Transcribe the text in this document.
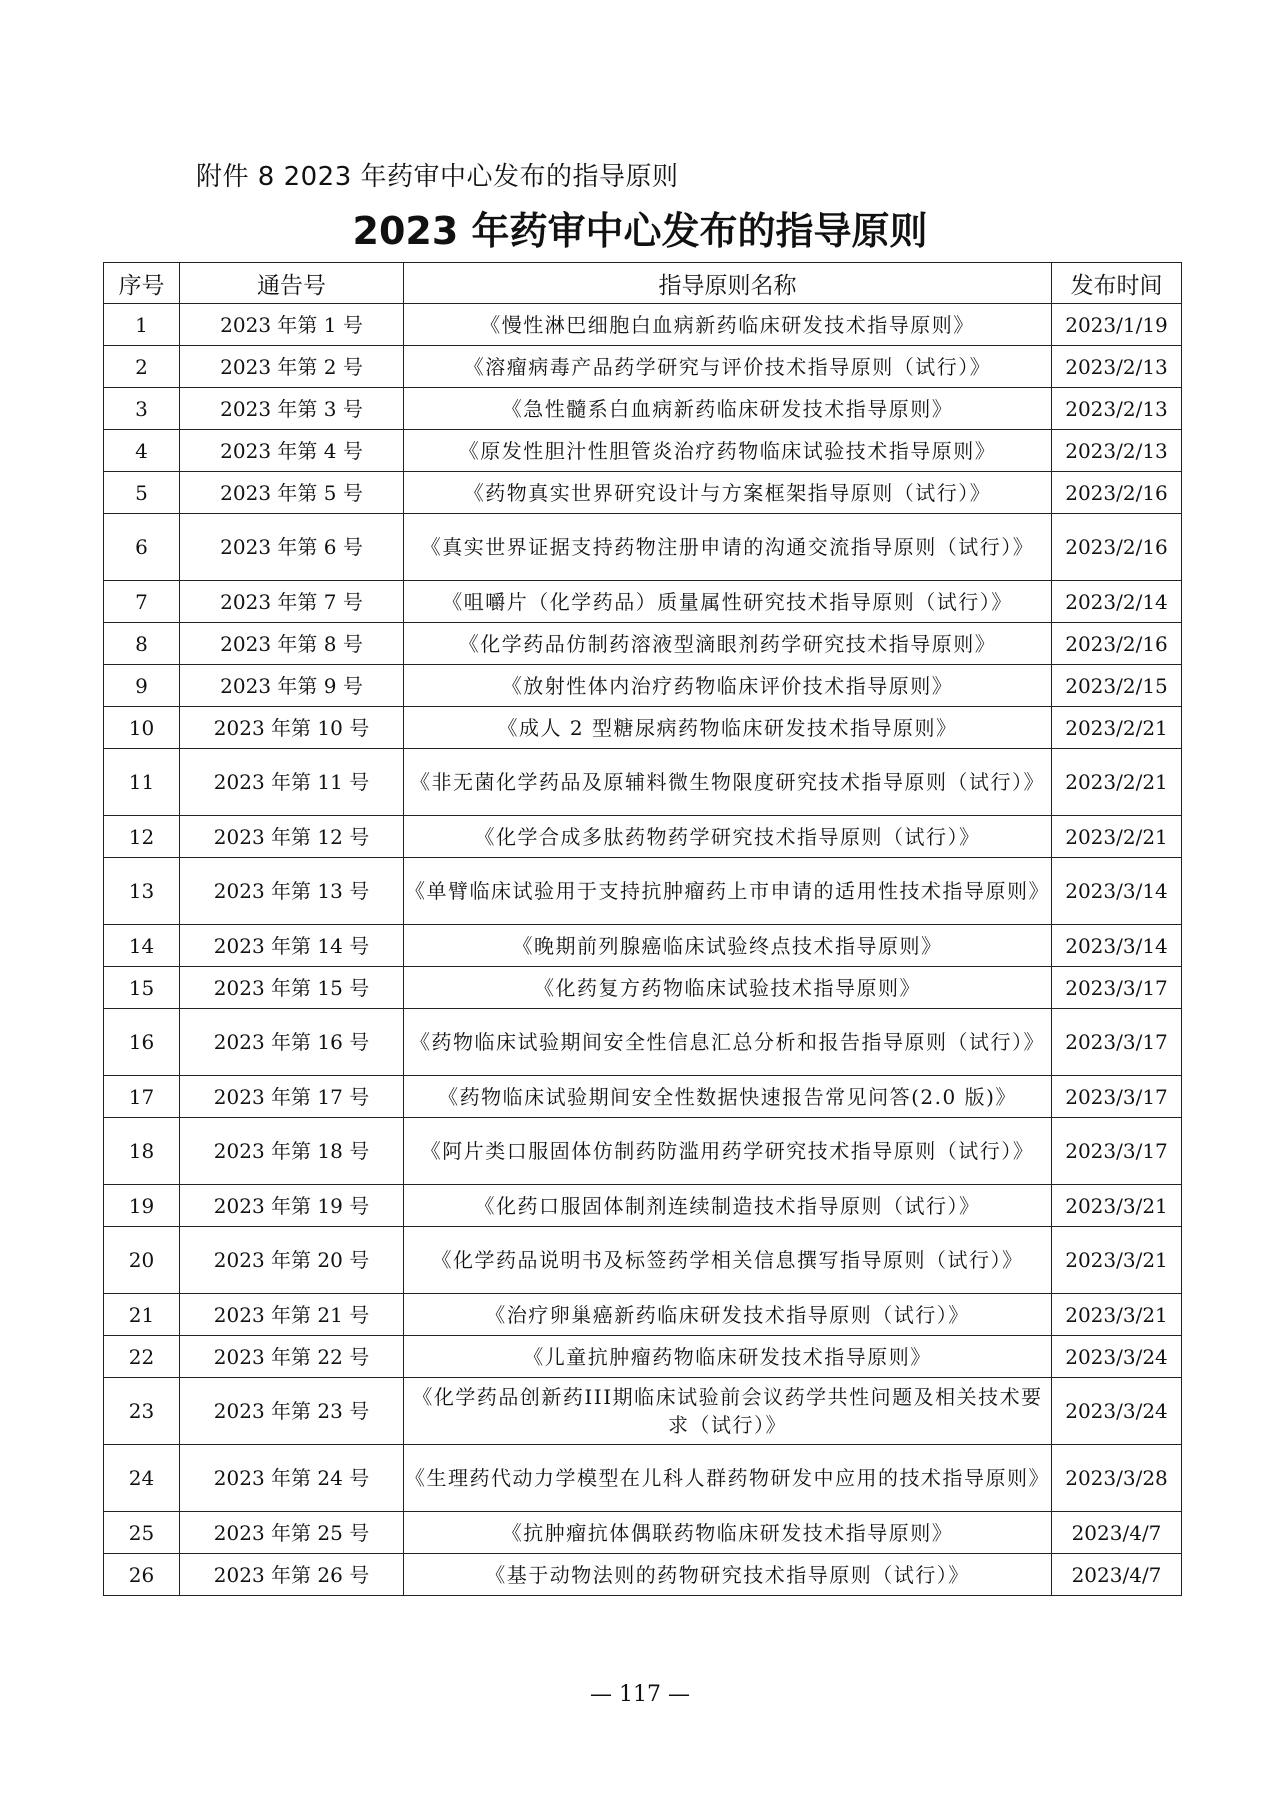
附件 8 2023 年药审中心发布的指导原则
2023 年药审中心发布的指导原则
序号	通告号	指导原则名称	发布时间
1	2023 年第 1 号	《慢性淋巴细胞白血病新药临床研发技术指导原则》	2023/1/19
2	2023 年第 2 号	《溶瘤病毒产品药学研究与评价技术指导原则（试行）》	2023/2/13
3	2023 年第 3 号	《急性髓系白血病新药临床研发技术指导原则》	2023/2/13
4	2023 年第 4 号	《原发性胆汁性胆管炎治疗药物临床试验技术指导原则》	2023/2/13
5	2023 年第 5 号	《药物真实世界研究设计与方案框架指导原则（试行）》	2023/2/16
6	2023 年第 6 号	《真实世界证据支持药物注册申请的沟通交流指导原则（试行）》	2023/2/16
7	2023 年第 7 号	《咀嚼片（化学药品）质量属性研究技术指导原则（试行）》	2023/2/14
8	2023 年第 8 号	《化学药品仿制药溶液型滴眼剂药学研究技术指导原则》	2023/2/16
9	2023 年第 9 号	《放射性体内治疗药物临床评价技术指导原则》	2023/2/15
10	2023 年第 10 号	《成人 2 型糖尿病药物临床研发技术指导原则》	2023/2/21
11	2023 年第 11 号	《非无菌化学药品及原辅料微生物限度研究技术指导原则（试行）》	2023/2/21
12	2023 年第 12 号	《化学合成多肽药物药学研究技术指导原则（试行）》	2023/2/21
13	2023 年第 13 号	《单臂临床试验用于支持抗肿瘤药上市申请的适用性技术指导原则》	2023/3/14
14	2023 年第 14 号	《晚期前列腺癌临床试验终点技术指导原则》	2023/3/14
15	2023 年第 15 号	《化药复方药物临床试验技术指导原则》	2023/3/17
16	2023 年第 16 号	《药物临床试验期间安全性信息汇总分析和报告指导原则（试行）》	2023/3/17
17	2023 年第 17 号	《药物临床试验期间安全性数据快速报告常见问答(2.0 版)》	2023/3/17
18	2023 年第 18 号	《阿片类口服固体仿制药防滥用药学研究技术指导原则（试行）》	2023/3/17
19	2023 年第 19 号	《化药口服固体制剂连续制造技术指导原则（试行）》	2023/3/21
20	2023 年第 20 号	《化学药品说明书及标签药学相关信息撰写指导原则（试行）》	2023/3/21
21	2023 年第 21 号	《治疗卵巢癌新药临床研发技术指导原则（试行）》	2023/3/21
22	2023 年第 22 号	《儿童抗肿瘤药物临床研发技术指导原则》	2023/3/24
23	2023 年第 23 号	《化学药品创新药III期临床试验前会议药学共性问题及相关技术要求（试行）》	2023/3/24
24	2023 年第 24 号	《生理药代动力学模型在儿科人群药物研发中应用的技术指导原则》	2023/3/28
25	2023 年第 25 号	《抗肿瘤抗体偶联药物临床研发技术指导原则》	2023/4/7
26	2023 年第 26 号	《基于动物法则的药物研究技术指导原则（试行）》	2023/4/7
— 117 —
